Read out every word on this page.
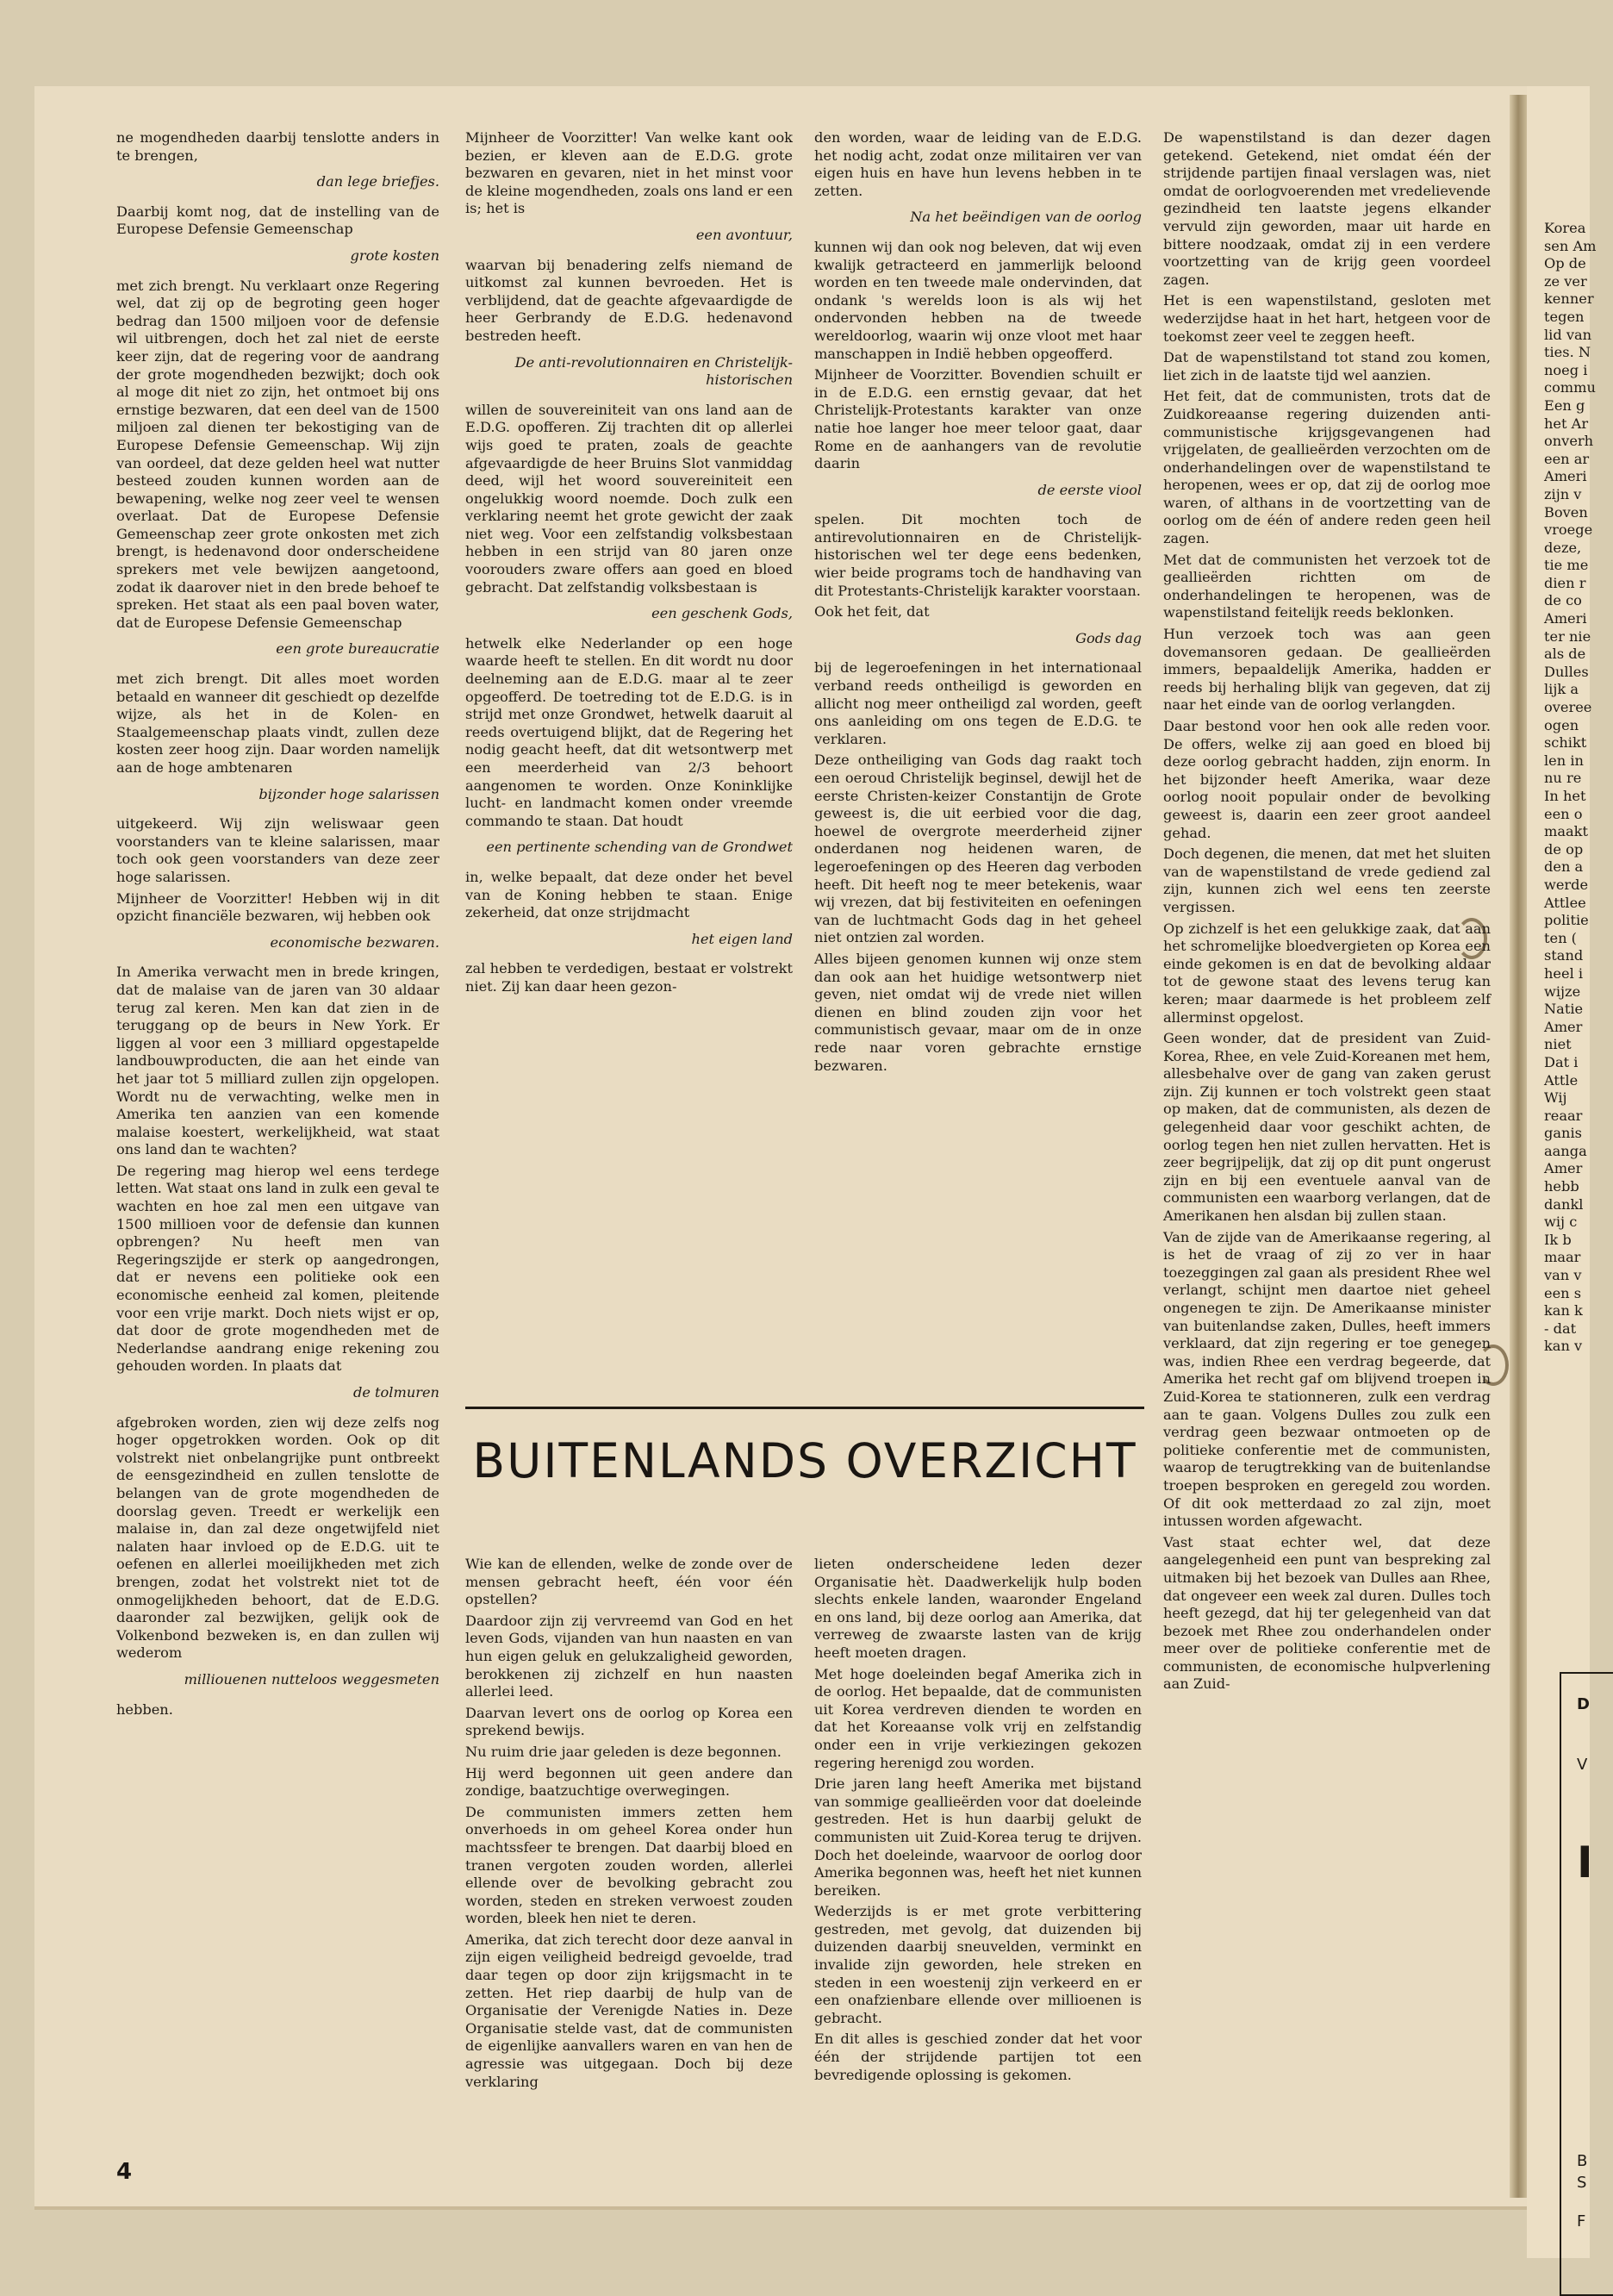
Korea
sen Am
Op de
ze ver
kenner
tegen
lid van
ties. N
noeg i
commu
Een g
het Ar
onverh
een ar
Ameri
zijn v
Boven
vroege
deze,
tie me
dien r
de co
Ameri
ter nie
als de
Dulles
lijk a
overee
ogen
schikt
len in
nu re
In het
een o
maakt
de op
den a
werde
Attlee
politie
ten (
stand
heel i
wijze
Natie
Amer
niet
Dat i
Attle
Wij
reaar
ganis
aanga
Amer
hebb
dankl
wij c
Ik b
maar
van v
een s
kan k
- dat
kan v
D
V
I
B
S
F

ne mogendheden daarbij tenslotte anders in te brengen,

dan lege briefjes.

Daarbij komt nog, dat de instelling van de Europese Defensie Gemeenschap

grote kosten

met zich brengt. Nu verklaart onze Regering wel, dat zij op de begroting geen hoger bedrag dan 1500 miljoen voor de defensie wil uitbrengen, doch het zal niet de eerste keer zijn, dat de regering voor de aandrang der grote mogendheden bezwijkt; doch ook al moge dit niet zo zijn, het ontmoet bij ons ernstige bezwaren, dat een deel van de 1500 miljoen zal dienen ter bekostiging van de Europese Defensie Gemeenschap. Wij zijn van oordeel, dat deze gelden heel wat nutter besteed zouden kunnen worden aan de bewapening, welke nog zeer veel te wensen overlaat. Dat de Europese Defensie Gemeenschap zeer grote onkosten met zich brengt, is hedenavond door onderscheidene sprekers met vele bewijzen aangetoond, zodat ik daarover niet in den brede behoef te spreken. Het staat als een paal boven water, dat de Europese Defensie Gemeenschap

een grote bureaucratie

met zich brengt. Dit alles moet worden betaald en wanneer dit geschiedt op dezelfde wijze, als het in de Kolen- en Staalgemeenschap plaats vindt, zullen deze kosten zeer hoog zijn. Daar worden namelijk aan de hoge ambtenaren

bijzonder hoge salarissen

uitgekeerd. Wij zijn weliswaar geen voorstanders van te kleine salarissen, maar toch ook geen voorstanders van deze zeer hoge salarissen.

Mijnheer de Voorzitter! Hebben wij in dit opzicht financiële bezwaren, wij hebben ook

economische bezwaren.

In Amerika verwacht men in brede kringen, dat de malaise van de jaren van 30 aldaar terug zal keren. Men kan dat zien in de teruggang op de beurs in New York. Er liggen al voor een 3 milliard opgestapelde landbouwproducten, die aan het einde van het jaar tot 5 milliard zullen zijn opgelopen. Wordt nu de verwachting, welke men in Amerika ten aanzien van een komende malaise koestert, werkelijkheid, wat staat ons land dan te wachten?

De regering mag hierop wel eens terdege letten. Wat staat ons land in zulk een geval te wachten en hoe zal men een uitgave van 1500 millioen voor de defensie dan kunnen opbrengen? Nu heeft men van Regeringszijde er sterk op aangedrongen, dat er nevens een politieke ook een economische eenheid zal komen, pleitende voor een vrije markt. Doch niets wijst er op, dat door de grote mogendheden met de Nederlandse aandrang enige rekening zou gehouden worden. In plaats dat

de tolmuren

afgebroken worden, zien wij deze zelfs nog hoger opgetrokken worden. Ook op dit volstrekt niet onbelangrijke punt ontbreekt de eensgezindheid en zullen tenslotte de belangen van de grote mogendheden de doorslag geven. Treedt er werkelijk een malaise in, dan zal deze ongetwijfeld niet nalaten haar invloed op de E.D.G. uit te oefenen en allerlei moeilijkheden met zich brengen, zodat het volstrekt niet tot de onmogelijkheden behoort, dat de E.D.G. daaronder zal bezwijken, gelijk ook de Volkenbond bezweken is, en dan zullen wij wederom

milliouenen nutteloos weggesmeten

hebben.

Mijnheer de Voorzitter! Van welke kant ook bezien, er kleven aan de E.D.G. grote bezwaren en gevaren, niet in het minst voor de kleine mogendheden, zoals ons land er een is; het is

een avontuur,

waarvan bij benadering zelfs niemand de uitkomst zal kunnen bevroeden. Het is verblijdend, dat de geachte afgevaardigde de heer Gerbrandy de E.D.G. hedenavond bestreden heeft.

De anti-revolutionnairen en Christelijk-historischen

willen de souvereiniteit van ons land aan de E.D.G. opofferen. Zij trachten dit op allerlei wijs goed te praten, zoals de geachte afgevaardigde de heer Bruins Slot vanmiddag deed, wijl het woord souvereiniteit een ongelukkig woord noemde. Doch zulk een verklaring neemt het grote gewicht der zaak niet weg. Voor een zelfstandig volksbestaan hebben in een strijd van 80 jaren onze voorouders zware offers aan goed en bloed gebracht. Dat zelfstandig volksbestaan is

een geschenk Gods,

hetwelk elke Nederlander op een hoge waarde heeft te stellen. En dit wordt nu door deelneming aan de E.D.G. maar al te zeer opgeofferd. De toetreding tot de E.D.G. is in strijd met onze Grondwet, hetwelk daaruit al reeds overtuigend blijkt, dat de Regering het nodig geacht heeft, dat dit wetsontwerp met een meerderheid van 2/3 behoort aangenomen te worden. Onze Koninklijke lucht- en landmacht komen onder vreemde commando te staan. Dat houdt

een pertinente schending van de Grondwet

in, welke bepaalt, dat deze onder het bevel van de Koning hebben te staan. Enige zekerheid, dat onze strijdmacht

het eigen land

zal hebben te verdedigen, bestaat er volstrekt niet. Zij kan daar heen gezon-

den worden, waar de leiding van de E.D.G. het nodig acht, zodat onze militairen ver van eigen huis en have hun levens hebben in te zetten.

Na het beëindigen van de oorlog

kunnen wij dan ook nog beleven, dat wij even kwalijk getracteerd en jammerlijk beloond worden en ten tweede male ondervinden, dat ondank 's werelds loon is als wij het ondervonden hebben na de tweede wereldoorlog, waarin wij onze vloot met haar manschappen in Indië hebben opgeofferd.

Mijnheer de Voorzitter. Bovendien schuilt er in de E.D.G. een ernstig gevaar, dat het Christelijk-Protestants karakter van onze natie hoe langer hoe meer teloor gaat, daar Rome en de aanhangers van de revolutie daarin

de eerste viool

spelen. Dit mochten toch de antirevolutionnairen en de Christelijk-historischen wel ter dege eens bedenken, wier beide programs toch de handhaving van dit Protestants-Christelijk karakter voorstaan.

Ook het feit, dat

Gods dag

bij de legeroefeningen in het internationaal verband reeds ontheiligd is geworden en allicht nog meer ontheiligd zal worden, geeft ons aanleiding om ons tegen de E.D.G. te verklaren.

Deze ontheiliging van Gods dag raakt toch een oeroud Christelijk beginsel, dewijl het de eerste Christen-keizer Constantijn de Grote geweest is, die uit eerbied voor die dag, hoewel de overgrote meerderheid zijner onderdanen nog heidenen waren, de legeroefeningen op des Heeren dag verboden heeft. Dit heeft nog te meer betekenis, waar wij vrezen, dat bij festiviteiten en oefeningen van de luchtmacht Gods dag in het geheel niet ontzien zal worden.

Alles bijeen genomen kunnen wij onze stem dan ook aan het huidige wetsontwerp niet geven, niet omdat wij de vrede niet willen dienen en blind zouden zijn voor het communistisch gevaar, maar om de in onze rede naar voren gebrachte ernstige bezwaren.

De wapenstilstand is dan dezer dagen getekend. Getekend, niet omdat één der strijdende partijen finaal verslagen was, niet omdat de oorlogvoerenden met vredelievende gezindheid ten laatste jegens elkander vervuld zijn geworden, maar uit harde en bittere noodzaak, omdat zij in een verdere voortzetting van de krijg geen voordeel zagen.

Het is een wapenstilstand, gesloten met wederzijdse haat in het hart, hetgeen voor de toekomst zeer veel te zeggen heeft.

Dat de wapenstilstand tot stand zou komen, liet zich in de laatste tijd wel aanzien.

Het feit, dat de communisten, trots dat de Zuidkoreaanse regering duizenden anti-communistische krijgsgevangenen had vrijgelaten, de geallieërden verzochten om de onderhandelingen over de wapenstilstand te heropenen, wees er op, dat zij de oorlog moe waren, of althans in de voortzetting van de oorlog om de één of andere reden geen heil zagen.

Met dat de communisten het verzoek tot de geallieërden richtten om de onderhandelingen te heropenen, was de wapenstilstand feitelijk reeds beklonken.

Hun verzoek toch was aan geen dovemansoren gedaan. De geallieërden immers, bepaaldelijk Amerika, hadden er reeds bij herhaling blijk van gegeven, dat zij naar het einde van de oorlog verlangden.

Daar bestond voor hen ook alle reden voor. De offers, welke zij aan goed en bloed bij deze oorlog gebracht hadden, zijn enorm. In het bijzonder heeft Amerika, waar deze oorlog nooit populair onder de bevolking geweest is, daarin een zeer groot aandeel gehad.

Doch degenen, die menen, dat met het sluiten van de wapenstilstand de vrede gediend zal zijn, kunnen zich wel eens ten zeerste vergissen.

Op zichzelf is het een gelukkige zaak, dat aan het schromelijke bloedvergieten op Korea een einde gekomen is en dat de bevolking aldaar tot de gewone staat des levens terug kan keren; maar daarmede is het probleem zelf allerminst opgelost.

Geen wonder, dat de president van Zuid-Korea, Rhee, en vele Zuid-Koreanen met hem, allesbehalve over de gang van zaken gerust zijn. Zij kunnen er toch volstrekt geen staat op maken, dat de communisten, als dezen de gelegenheid daar voor geschikt achten, de oorlog tegen hen niet zullen hervatten. Het is zeer begrijpelijk, dat zij op dit punt ongerust zijn en bij een eventuele aanval van de communisten een waarborg verlangen, dat de Amerikanen hen alsdan bij zullen staan.

Van de zijde van de Amerikaanse regering, al is het de vraag of zij zo ver in haar toezeggingen zal gaan als president Rhee wel verlangt, schijnt men daartoe niet geheel ongenegen te zijn. De Amerikaanse minister van buitenlandse zaken, Dulles, heeft immers verklaard, dat zijn regering er toe genegen was, indien Rhee een verdrag begeerde, dat Amerika het recht gaf om blijvend troepen in Zuid-Korea te stationneren, zulk een verdrag aan te gaan. Volgens Dulles zou zulk een verdrag geen bezwaar ontmoeten op de politieke conferentie met de communisten, waarop de terugtrekking van de buitenlandse troepen besproken en geregeld zou worden. Of dit ook metterdaad zo zal zijn, moet intussen worden afgewacht.

Vast staat echter wel, dat deze aangelegenheid een punt van bespreking zal uitmaken bij het bezoek van Dulles aan Rhee, dat ongeveer een week zal duren. Dulles toch heeft gezegd, dat hij ter gelegenheid van dat bezoek met Rhee zou onderhandelen onder meer over de politieke conferentie met de communisten, de economische hulpverlening aan Zuid-

BUITENLANDS OVERZICHT

Wie kan de ellenden, welke de zonde over de mensen gebracht heeft, één voor één opstellen?

Daardoor zijn zij vervreemd van God en het leven Gods, vijanden van hun naasten en van hun eigen geluk en gelukzaligheid geworden, berokkenen zij zichzelf en hun naasten allerlei leed.

Daarvan levert ons de oorlog op Korea een sprekend bewijs.

Nu ruim drie jaar geleden is deze begonnen.

Hij werd begonnen uit geen andere dan zondige, baatzuchtige overwegingen.

De communisten immers zetten hem onverhoeds in om geheel Korea onder hun machtssfeer te brengen. Dat daarbij bloed en tranen vergoten zouden worden, allerlei ellende over de bevolking gebracht zou worden, steden en streken verwoest zouden worden, bleek hen niet te deren.

Amerika, dat zich terecht door deze aanval in zijn eigen veiligheid bedreigd gevoelde, trad daar tegen op door zijn krijgsmacht in te zetten. Het riep daarbij de hulp van de Organisatie der Verenigde Naties in. Deze Organisatie stelde vast, dat de communisten de eigenlijke aanvallers waren en van hen de agressie was uitgegaan. Doch bij deze verklaring

lieten onderscheidene leden dezer Organisatie hèt. Daadwerkelijk hulp boden slechts enkele landen, waaronder Engeland en ons land, bij deze oorlog aan Amerika, dat verreweg de zwaarste lasten van de krijg heeft moeten dragen.

Met hoge doeleinden begaf Amerika zich in de oorlog. Het bepaalde, dat de communisten uit Korea verdreven dienden te worden en dat het Koreaanse volk vrij en zelfstandig onder een in vrije verkiezingen gekozen regering herenigd zou worden.

Drie jaren lang heeft Amerika met bijstand van sommige geallieërden voor dat doeleinde gestreden. Het is hun daarbij gelukt de communisten uit Zuid-Korea terug te drijven. Doch het doeleinde, waarvoor de oorlog door Amerika begonnen was, heeft het niet kunnen bereiken.

Wederzijds is er met grote verbittering gestreden, met gevolg, dat duizenden bij duizenden daarbij sneuvelden, verminkt en invalide zijn geworden, hele streken en steden in een woestenij zijn verkeerd en er een onafzienbare ellende over millioenen is gebracht.

En dit alles is geschied zonder dat het voor één der strijdende partijen tot een bevredigende oplossing is gekomen.

4
